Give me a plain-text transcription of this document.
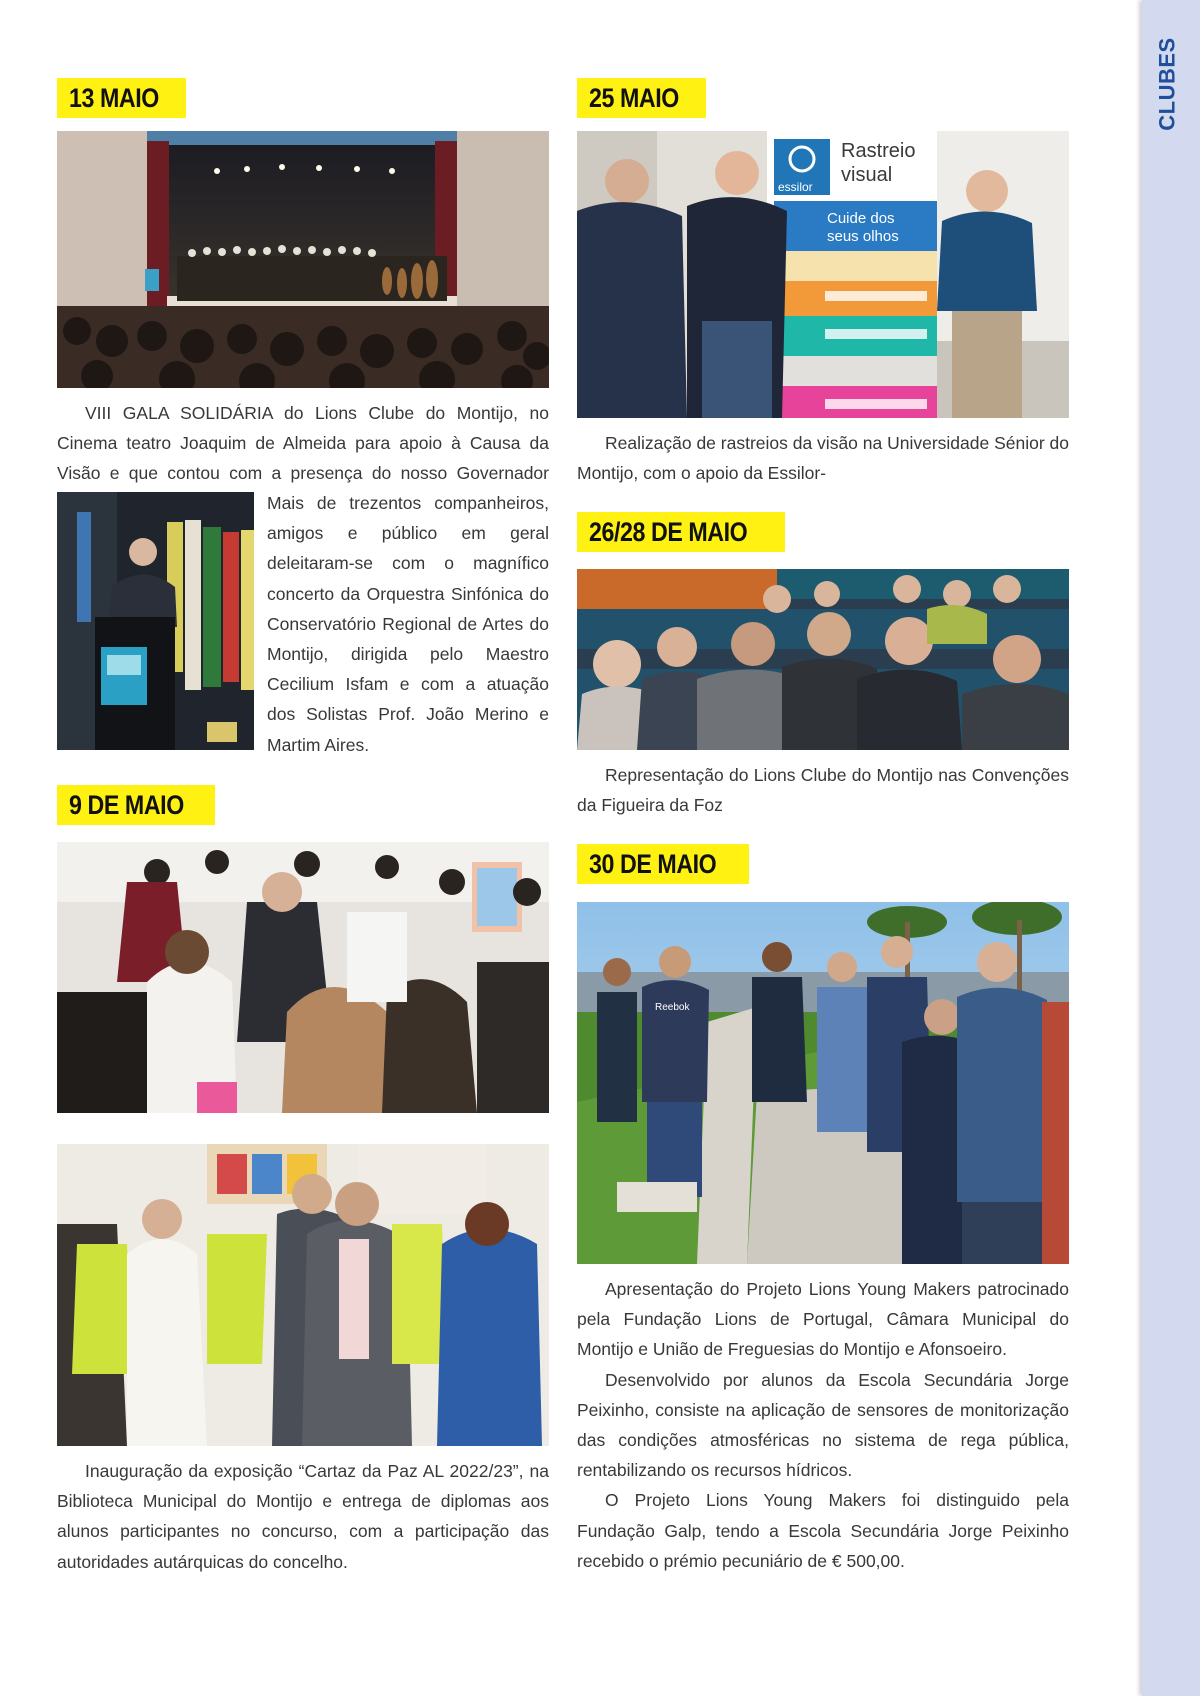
CLUBES
13 MAIO

VIII GALA SOLIDÁRIA do Lions Clube do Montijo, no Cinema teatro Joaquim de Almeida para apoio à Causa da Visão e que contou com a presença do nosso Governador

Mais de trezentos companheiros, amigos e público em geral deleitaram-se com o magnífico concerto da Orquestra Sinfónica do Conservatório Regional de Artes do Montijo, dirigida pelo Maestro Cecilium Isfam e com a atuação dos Solistas Prof. João Merino e Martim Aires.

9 DE MAIO

Inauguração da exposição “Cartaz da Paz AL 2022/23”, na Biblioteca Municipal do Montijo e entrega de diplomas aos alunos participantes no concurso, com a participação das autoridades autárquicas do concelho.

25 MAIO
essilor
Rastreio
visual
Cuide dos
seus olhos

Realização de rastreios da visão na Universidade Sénior do Montijo, com o apoio da Essilor-

26/28 DE MAIO

Representação do Lions Clube do Montijo nas Convenções da Figueira da Foz

30 DE MAIO
Reebok

Apresentação do Projeto Lions Young Makers patrocinado pela Fundação Lions de Portugal, Câmara Municipal do Montijo e União de Freguesias do Montijo e Afonsoeiro.

Desenvolvido por alunos da Escola Secundária Jorge Peixinho, consiste na aplicação de sensores de monitorização das condições atmosféricas no sistema de rega pública, rentabilizando os recursos hídricos.

O Projeto Lions Young Makers foi distinguido pela Fundação Galp, tendo a Escola Secundária Jorge Peixinho recebido o prémio pecuniário de € 500,00.
